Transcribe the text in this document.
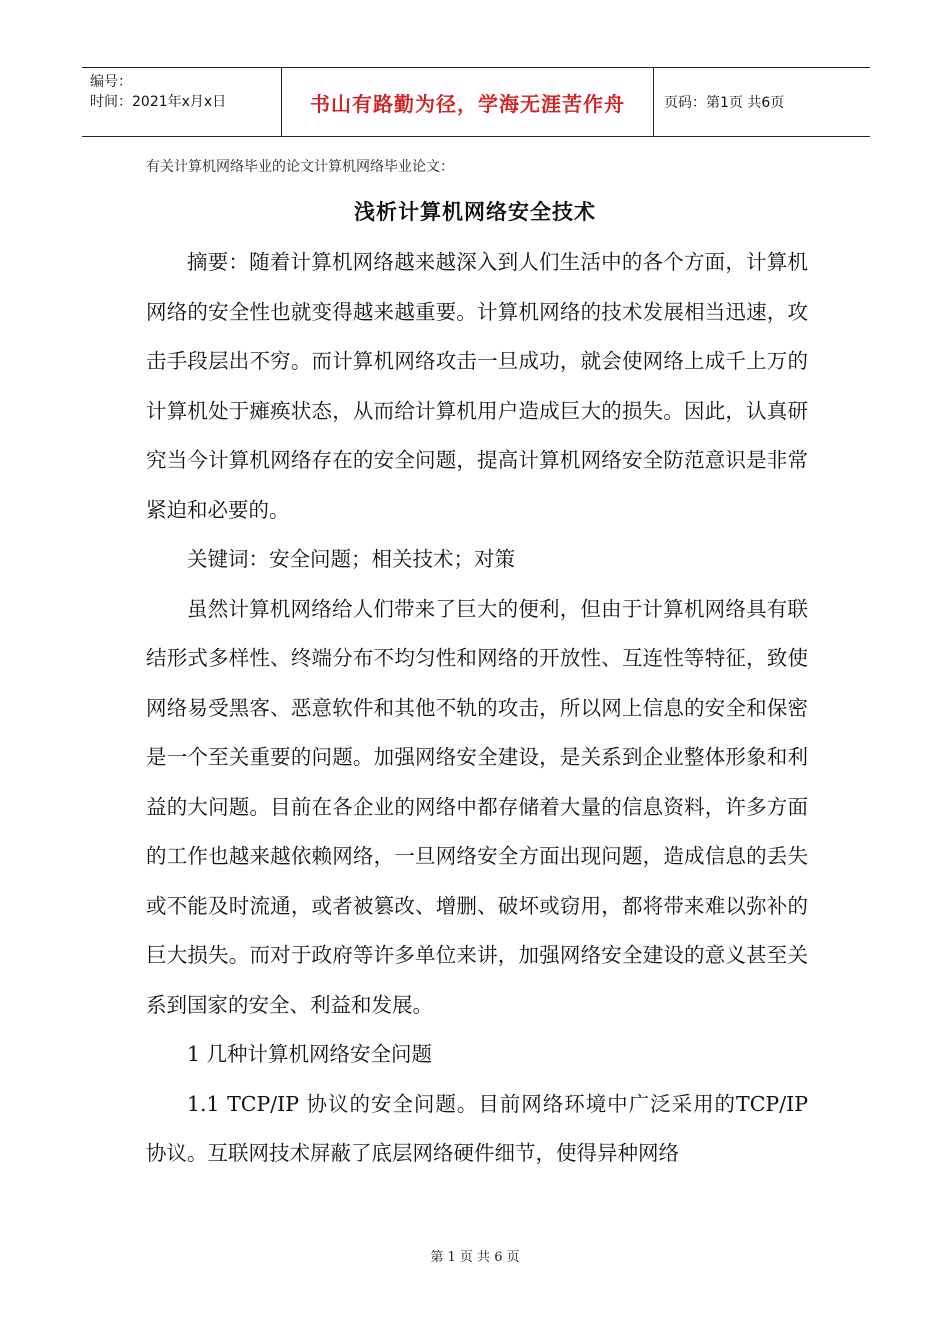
编号：
时间：2021年x月x日	书山有路勤为径，学海无涯苦作舟	页码：第1页 共6页
有关计算机网络毕业的论文计算机网络毕业论文：
浅析计算机网络安全技术

摘要：随着计算机网络越来越深入到人们生活中的各个方面，计算机网络的安全性也就变得越来越重要。计算机网络的技术发展相当迅速，攻击手段层出不穷。而计算机网络攻击一旦成功，就会使网络上成千上万的计算机处于瘫痪状态，从而给计算机用户造成巨大的损失。因此，认真研究当今计算机网络存在的安全问题，提高计算机网络安全防范意识是非常紧迫和必要的。

关键词：安全问题；相关技术；对策

虽然计算机网络给人们带来了巨大的便利，但由于计算机网络具有联结形式多样性、终端分布不均匀性和网络的开放性、互连性等特征，致使网络易受黑客、恶意软件和其他不轨的攻击，所以网上信息的安全和保密是一个至关重要的问题。加强网络安全建设，是关系到企业整体形象和利益的大问题。目前在各企业的网络中都存储着大量的信息资料，许多方面的工作也越来越依赖网络，一旦网络安全方面出现问题，造成信息的丢失或不能及时流通，或者被篡改、增删、破坏或窃用，都将带来难以弥补的巨大损失。而对于政府等许多单位来讲，加强网络安全建设的意义甚至关系到国家的安全、利益和发展。

1 几种计算机网络安全问题

1.1 TCP/IP 协议的安全问题。目前网络环境中广泛采用的TCP/IP 协议。互联网技术屏蔽了底层网络硬件细节，使得异种网络

第 1 页 共 6 页
